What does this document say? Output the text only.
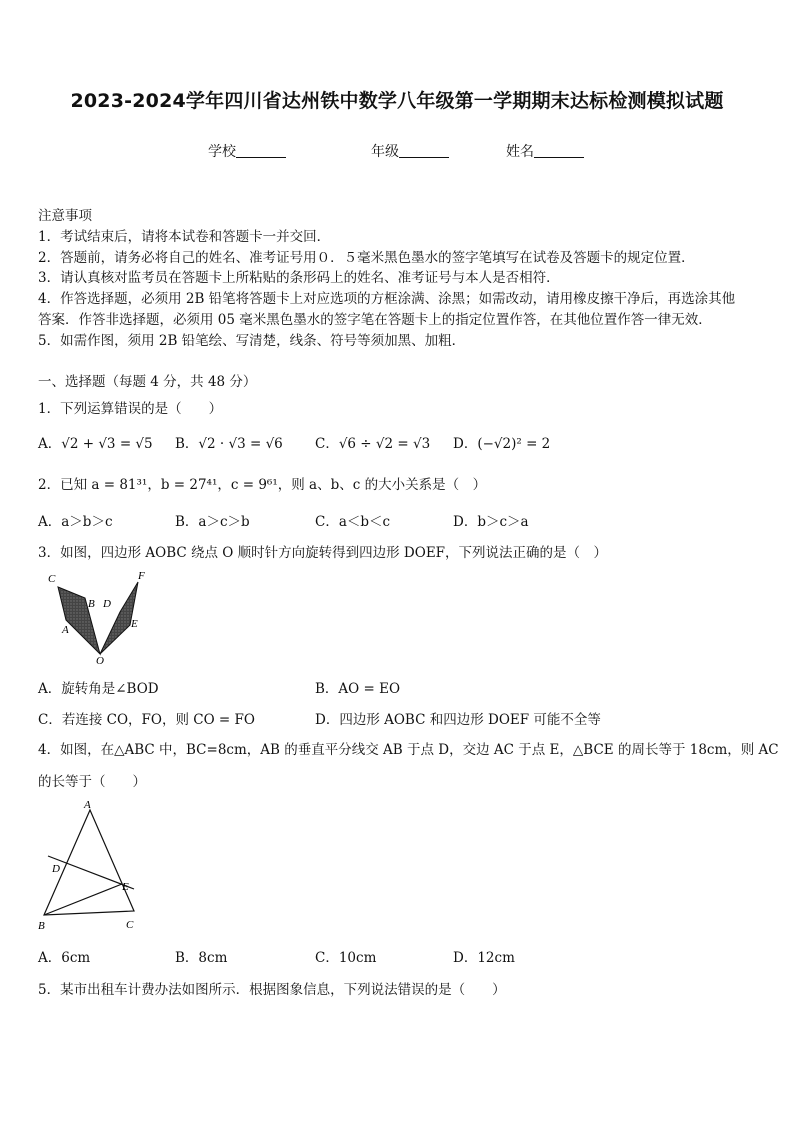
2023-2024学年四川省达州铁中数学八年级第一学期期末达标检测模拟试题
学校	年级	姓名
注意事项
1．考试结束后，请将本试卷和答题卡一并交回．
2．答题前，请务必将自己的姓名、准考证号用０．５毫米黑色墨水的签字笔填写在试卷及答题卡的规定位置．
3．请认真核对监考员在答题卡上所粘贴的条形码上的姓名、准考证号与本人是否相符．
4．作答选择题，必须用 2B 铅笔将答题卡上对应选项的方框涂满、涂黑；如需改动，请用橡皮擦干净后，再选涂其他
答案．作答非选择题，必须用 05 毫米黑色墨水的签字笔在答题卡上的指定位置作答，在其他位置作答一律无效．
5．如需作图，须用 2B 铅笔绘、写清楚，线条、符号等须加黑、加粗．
一、选择题（每题 4 分，共 48 分）
1．下列运算错误的是（　　）
A．√2 + √3 = √5 B．√2 · √3 = √6 C．√6 ÷ √2 = √3 D．(−√2)² = 2
2．已知 a = 81³¹，b = 27⁴¹，c = 9⁶¹，则 a、b、c 的大小关系是（　）
A．a＞b＞c	B．a＞c＞b	C．a＜b＜c	D．b＞c＞a
3．如图，四边形 AOBC 绕点 O 顺时针方向旋转得到四边形 DOEF，下列说法正确的是（　）
C
B D
A
F
E
O
A．旋转角是∠BOD	B．AO = EO
C．若连接 CO，FO，则 CO = FO	D．四边形 AOBC 和四边形 DOEF 可能不全等
4．如图，在△ABC 中，BC=8cm，AB 的垂直平分线交 AB 于点 D，交边 AC 于点 E，△BCE 的周长等于 18cm，则 AC
的长等于（　　）
A
D
E
B	C
A．6cm	B．8cm	C．10cm	D．12cm
5．某市出租车计费办法如图所示．根据图象信息，下列说法错误的是（　　）
